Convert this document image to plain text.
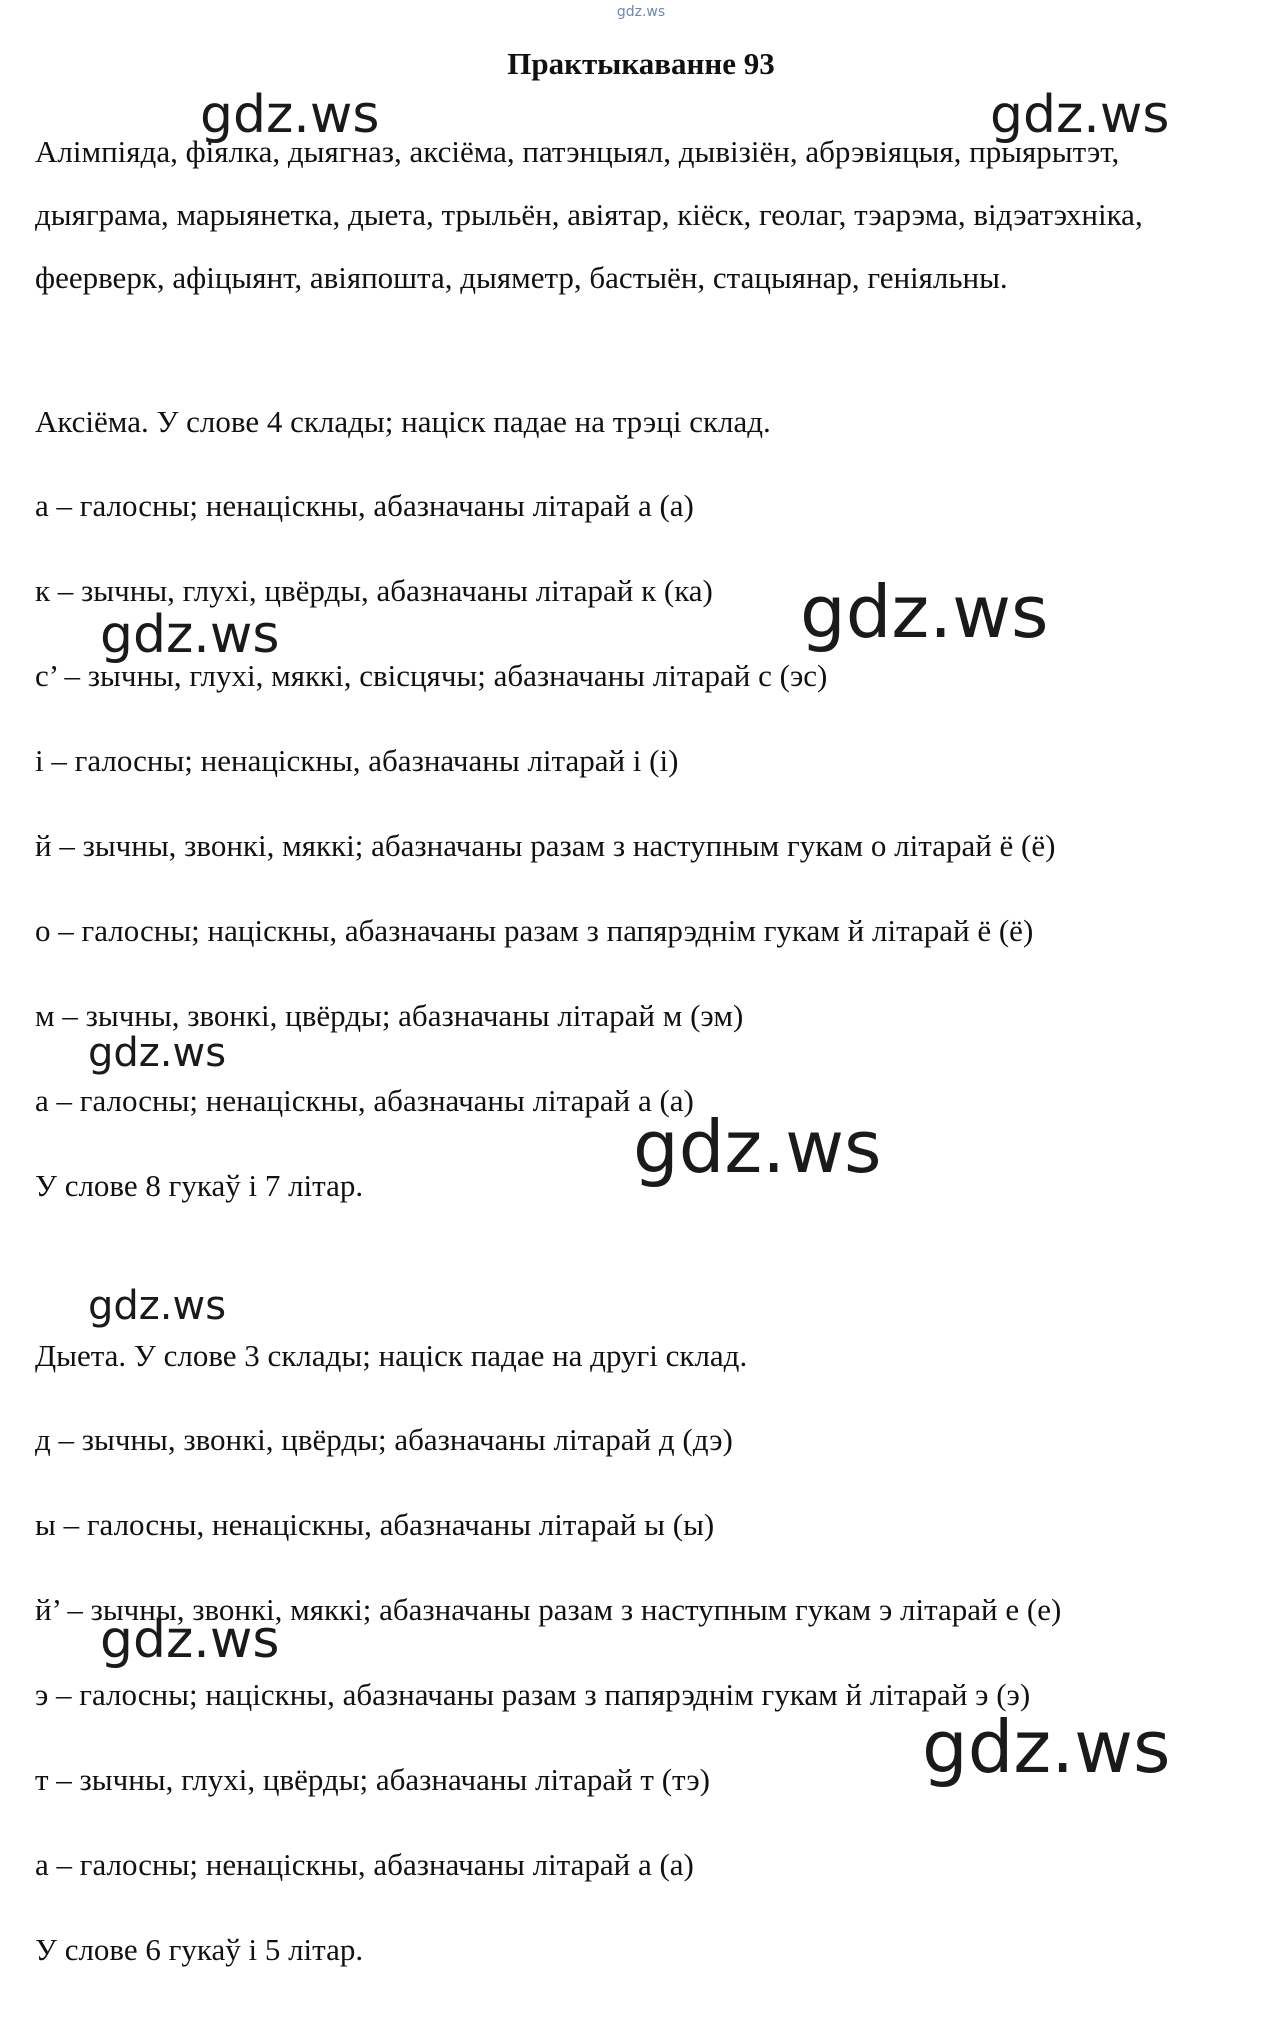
gdz.ws
Практыкаванне 93
Алімпіяда, фіялка, дыягназ, аксіёма, патэнцыял, дывізіён, абрэвіяцыя, прыярытэт, дыяграма, марыянетка, дыета, трыльён, авіятар, кіёск, геолаг, тэарэма, відэатэхніка, феерверк, афіцыянт, авіяпошта, дыяметр, бастыён, стацыянар, геніяльны.
Аксіёма. У слове 4 склады; націск падае на трэці склад.
а – галосны; ненаціскны, абазначаны літарай а (а)
к – зычны, глухі, цвёрды, абазначаны літарай к (ка)
с’ – зычны, глухі, мяккі, свісцячы; абазначаны літарай с (эс)
і – галосны; ненаціскны, абазначаны літарай і (і)
й – зычны, звонкі, мяккі; абазначаны разам з наступным гукам о літарай ё (ё)
о – галосны; націскны, абазначаны разам з папярэднім гукам й літарай ё (ё)
м – зычны, звонкі, цвёрды; абазначаны літарай м (эм)
а – галосны; ненаціскны, абазначаны літарай а (а)
У слове 8 гукаў і 7 літар.
Дыета. У слове 3 склады; націск падае на другі склад.
д – зычны, звонкі, цвёрды; абазначаны літарай д (дэ)
ы – галосны, ненаціскны, абазначаны літарай ы (ы)
й’ – зычны, звонкі, мяккі; абазначаны разам з наступным гукам э літарай е (е)
э – галосны; націскны, абазначаны разам з папярэднім гукам й літарай э (э)
т – зычны, глухі, цвёрды; абазначаны літарай т (тэ)
а – галосны; ненаціскны, абазначаны літарай а (а)
У слове 6 гукаў і 5 літар.
gdz.ws	gdz.ws
gdz.ws
gdz.ws
gdz.ws
gdz.ws
gdz.ws
gdz.ws
gdz.ws
